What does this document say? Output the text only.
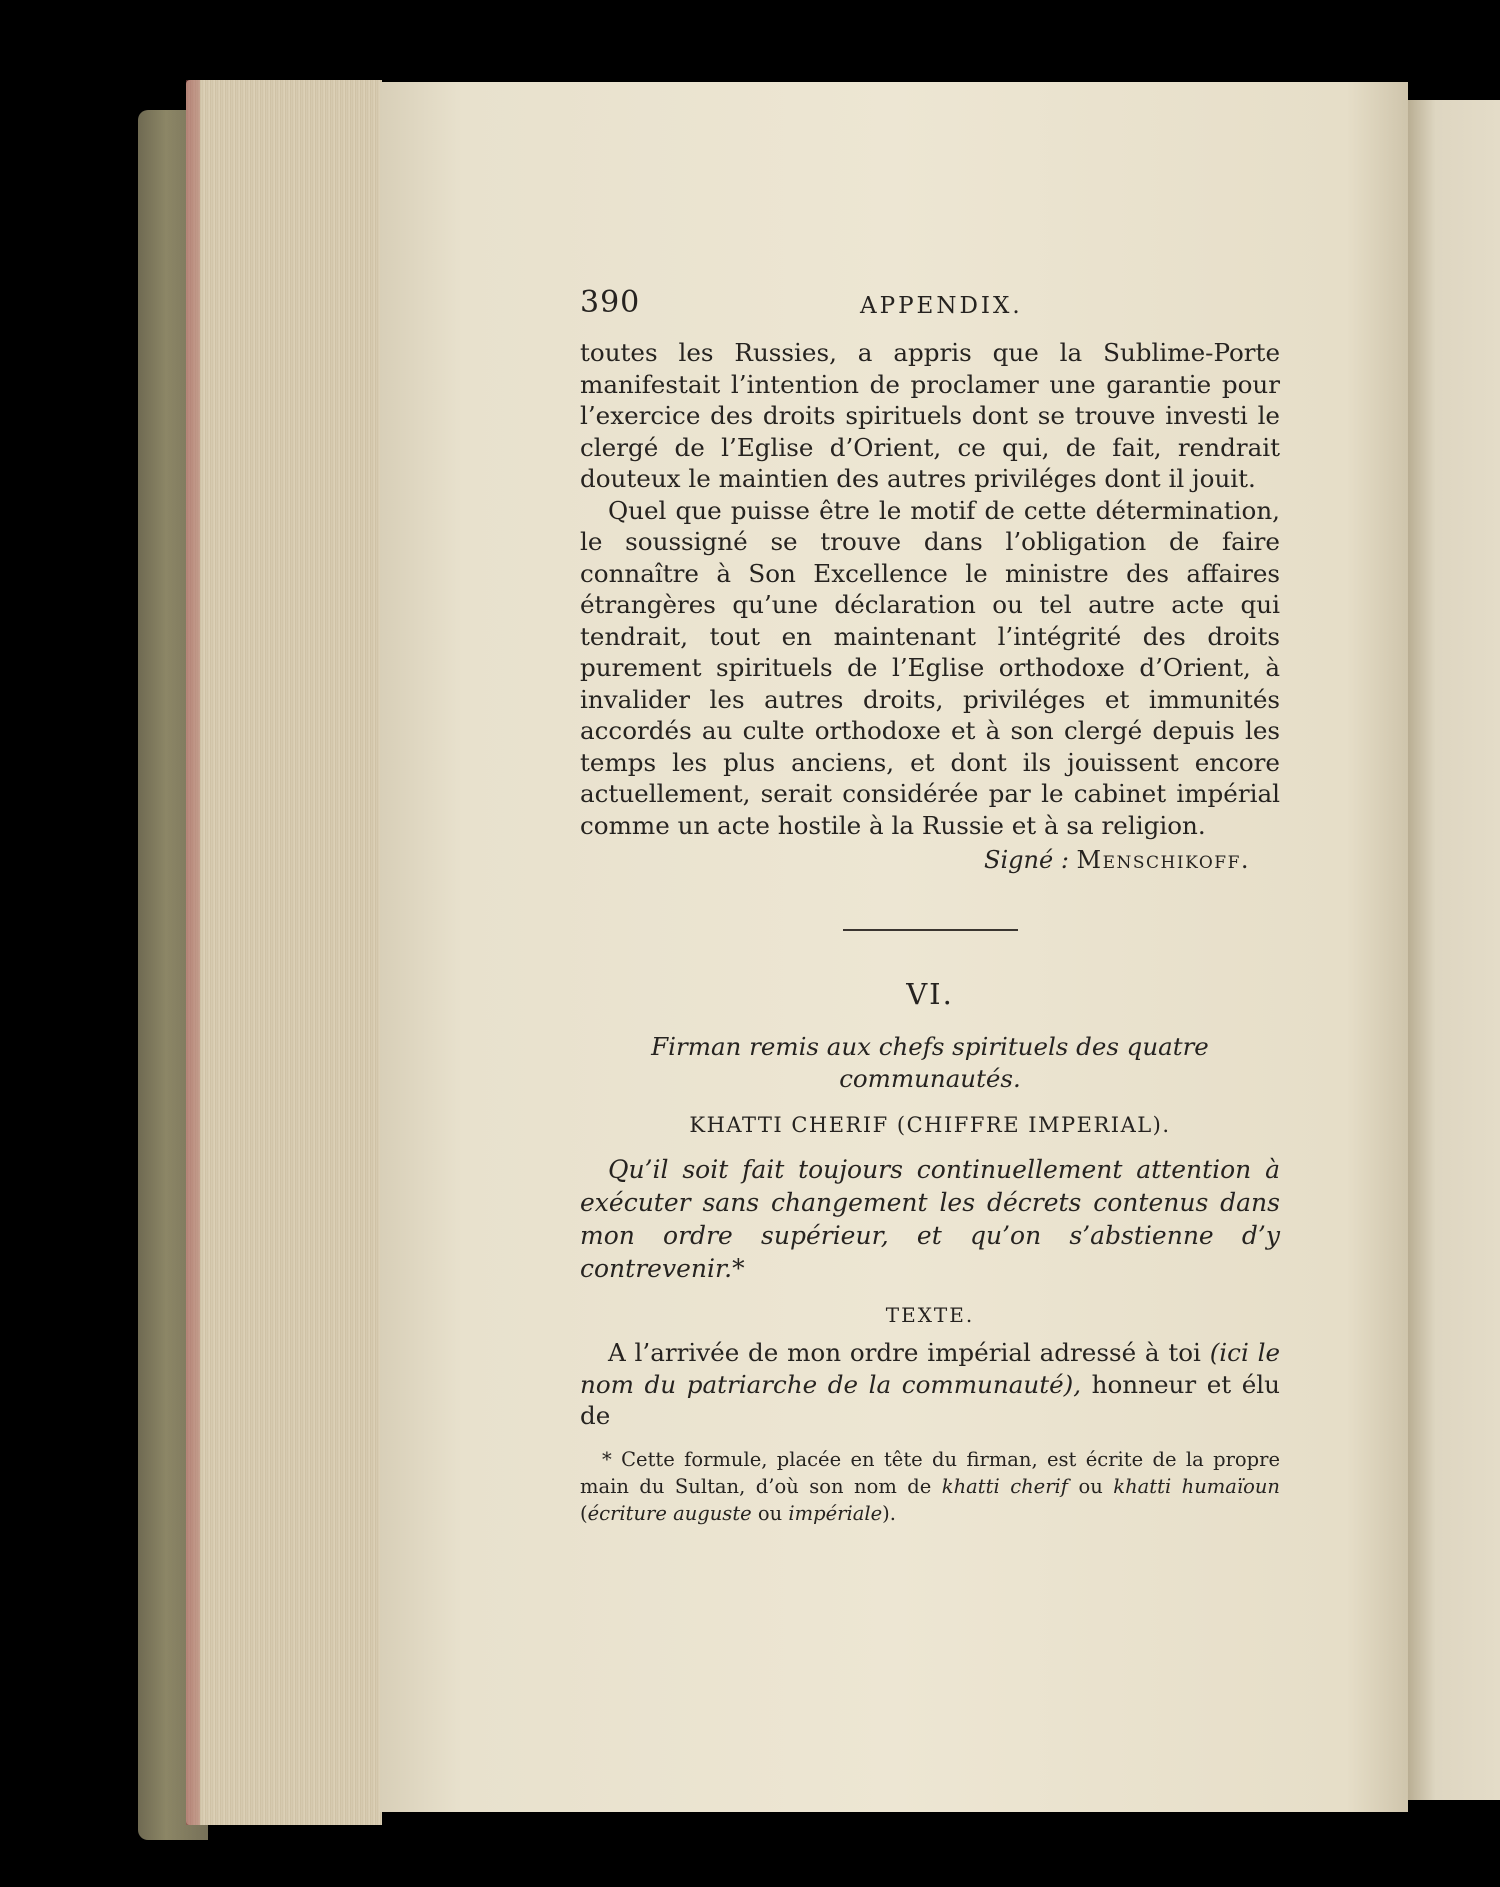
390	APPENDIX.

toutes les Russies, a appris que la Sublime-Porte manifestait l’intention de proclamer une garantie pour l’exercice des droits spirituels dont se trouve investi le clergé de l’Eglise d’Orient, ce qui, de fait, rendrait douteux le maintien des autres priviléges dont il jouit.

Quel que puisse être le motif de cette détermination, le soussigné se trouve dans l’obligation de faire connaître à Son Excellence le ministre des affaires étrangères qu’une déclaration ou tel autre acte qui tendrait, tout en maintenant l’intégrité des droits purement spirituels de l’Eglise orthodoxe d’Orient, à invalider les autres droits, priviléges et immunités accordés au culte orthodoxe et à son clergé depuis les temps les plus anciens, et dont ils jouissent encore actuellement, serait considérée par le cabinet impérial comme un acte hostile à la Russie et à sa religion.

Signé : Menschikoff.
VI.
Firman remis aux chefs spirituels des quatre
communautés.
KHATTI CHERIF (CHIFFRE IMPERIAL).

Qu’il soit fait toujours continuellement attention à exécuter sans changement les décrets contenus dans mon ordre supérieur, et qu’on s’abstienne d’y contrevenir.*

TEXTE.

A l’arrivée de mon ordre impérial adressé à toi (ici le nom du patriarche de la communauté), honneur et élu de

* Cette formule, placée en tête du firman, est écrite de la propre main du Sultan, d’où son nom de khatti cherif ou khatti humaïoun (écriture auguste ou impériale).
